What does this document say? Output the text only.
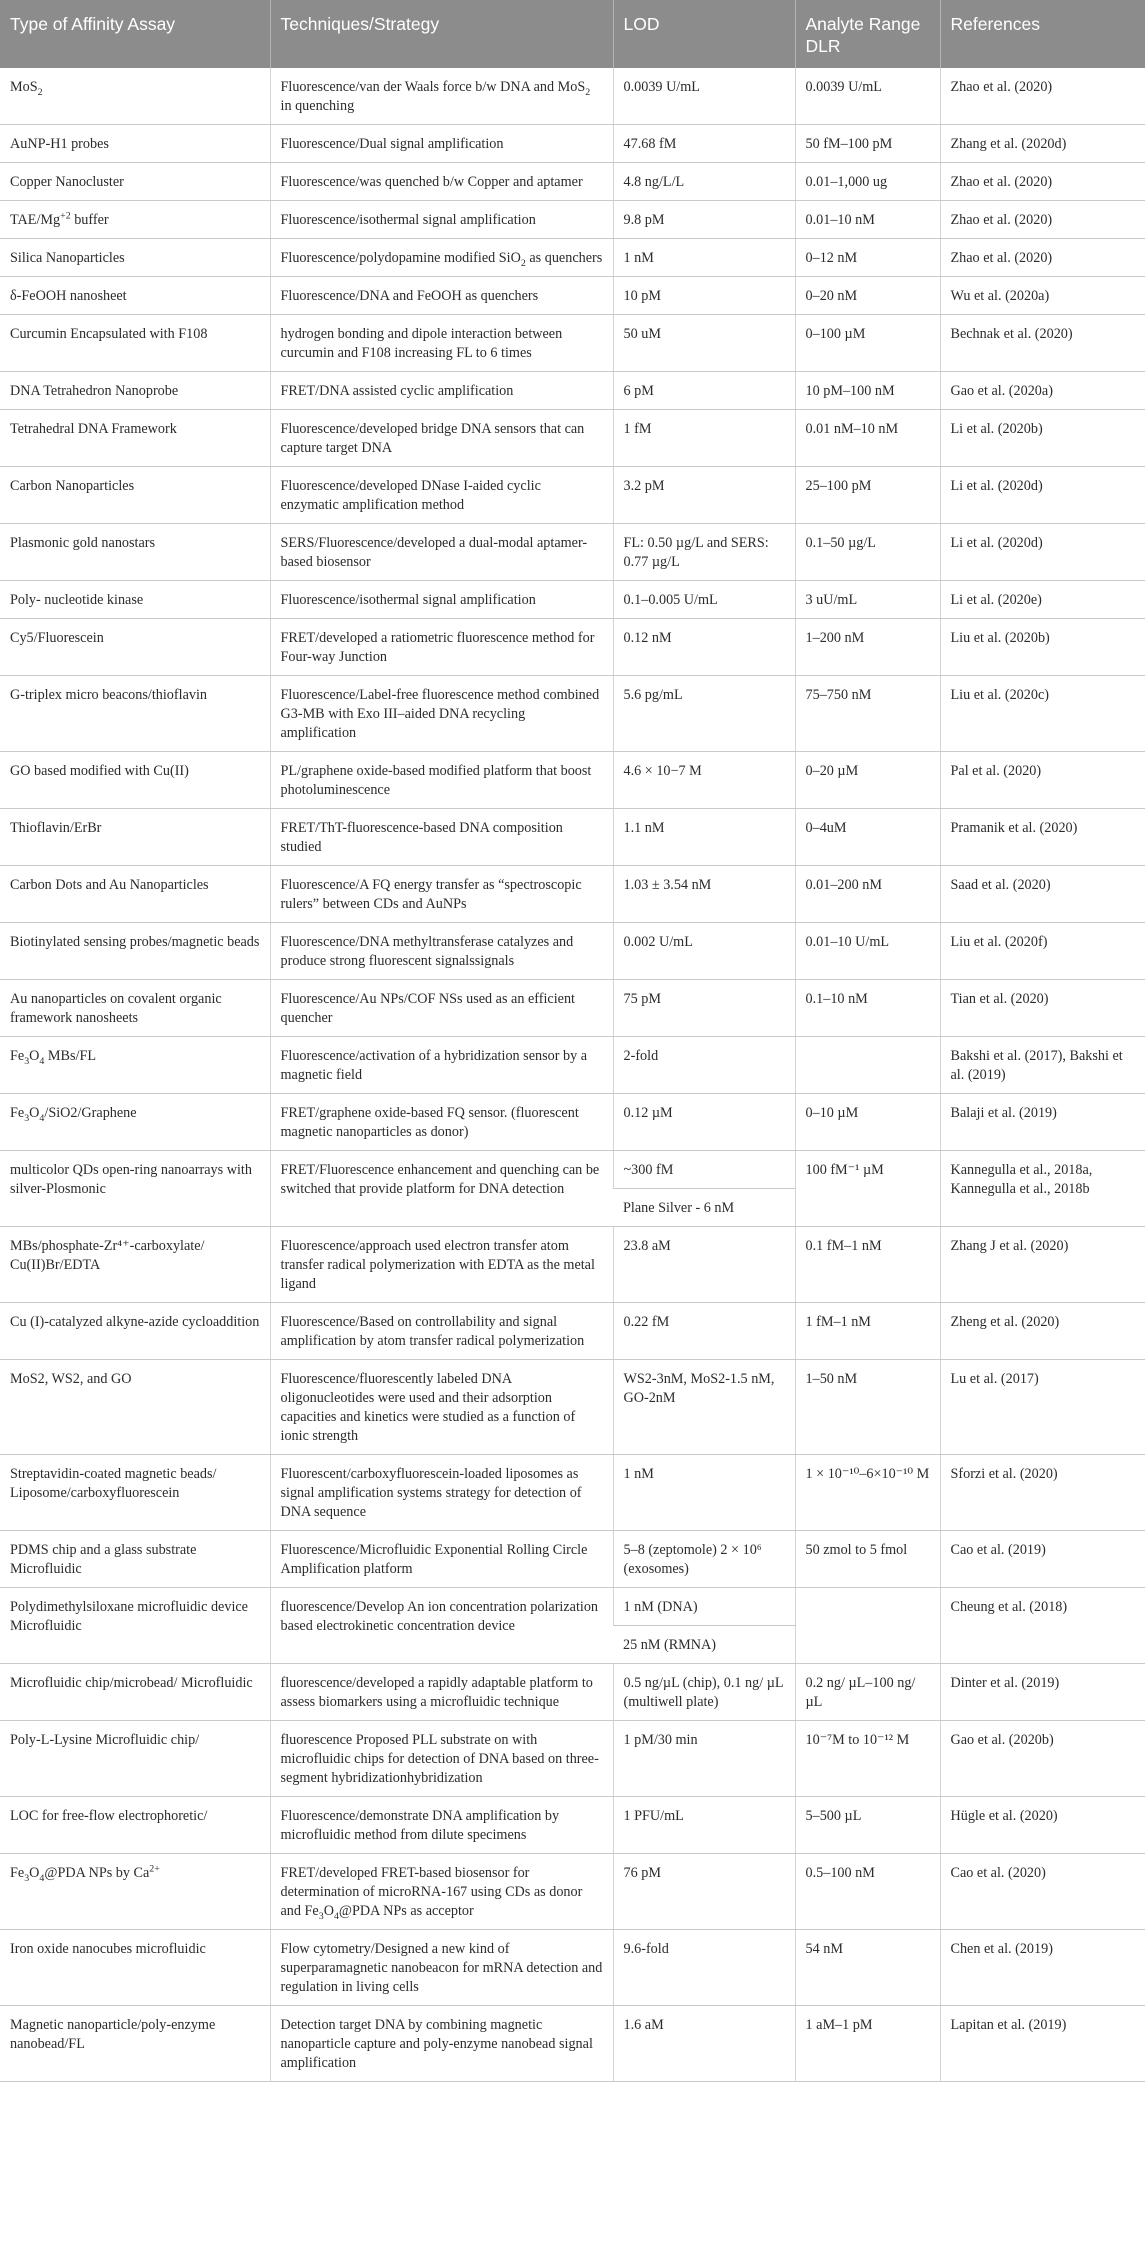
Type of Affinity Assay	Techniques/Strategy	LOD	Analyte Range DLR	References
MoS$_2$	Fluorescence/van der Waals force b/w DNA and MoS$_2$ in quenching	0.0039 U/mL	0.0039 U/mL	Zhao et al. (2020)
AuNP-H1 probes	Fluorescence/Dual signal amplification	47.68 fM	50 fM–100 pM	Zhang et al. (2020d)
Copper Nanocluster	Fluorescence/was quenched b/w Copper and aptamer	4.8 ng/L/L	0.01–1,000 ug	Zhao et al. (2020)
TAE/$Mg^{+2}$ buffer	Fluorescence/isothermal signal amplification	9.8 pM	0.01–10 nM	Zhao et al. (2020)
Silica Nanoparticles	Fluorescence/polydopamine modified SiO$_2$ as quenchers	1 nM	0–12 nM	Zhao et al. (2020)
δ-FeOOH nanosheet	Fluorescence/DNA and FeOOH as quenchers	10 pM	0–20 nM	Wu et al. (2020a)
Curcumin Encapsulated with F108	hydrogen bonding and dipole interaction between curcumin and F108 increasing FL to 6 times	50 uM	0–100 µM	Bechnak et al. (2020)
DNA Tetrahedron Nanoprobe	FRET/DNA assisted cyclic amplification	6 pM	10 pM–100 nM	Gao et al. (2020a)
Tetrahedral DNA Framework	Fluorescence/developed bridge DNA sensors that can capture target DNA	1 fM	0.01 nM–10 nM	Li et al. (2020b)
Carbon Nanoparticles	Fluorescence/developed DNase I-aided cyclic enzymatic amplification method	3.2 pM	25–100 pM	Li et al. (2020d)
Plasmonic gold nanostars	SERS/Fluorescence/developed a dual-modal aptamer-based biosensor	FL: 0.50 µg/L and SERS: 0.77 µg/L	0.1–50 µg/L	Li et al. (2020d)
Poly- nucleotide kinase	Fluorescence/isothermal signal amplification	0.1–0.005 U/mL	3 uU/mL	Li et al. (2020e)
Cy5/Fluorescein	FRET/developed a ratiometric fluorescence method for Four-way Junction	0.12 nM	1–200 nM	Liu et al. (2020b)
G-triplex micro beacons/thioflavin	Fluorescence/Label-free fluorescence method combined G3-MB with Exo III–aided DNA recycling amplification	5.6 pg/mL	75–750 nM	Liu et al. (2020c)
GO based modified with Cu(II)	PL/graphene oxide-based modified platform that boost photoluminescence	4.6 × 10−7 M	0–20 µM	Pal et al. (2020)
Thioflavin/ErBr	FRET/ThT-fluorescence-based DNA composition studied	1.1 nM	0–4uM	Pramanik et al. (2020)
Carbon Dots and Au Nanoparticles	Fluorescence/A FQ energy transfer as “spectroscopic rulers” between CDs and AuNPs	1.03 ± 3.54 nM	0.01–200 nM	Saad et al. (2020)
Biotinylated sensing probes/magnetic beads	Fluorescence/DNA methyltransferase catalyzes and produce strong fluorescent signalssignals	0.002 U/mL	0.01–10 U/mL	Liu et al. (2020f)
Au nanoparticles on covalent organic framework nanosheets	Fluorescence/Au NPs/COF NSs used as an efficient quencher	75 pM	0.1–10 nM	Tian et al. (2020)
$Fe_3O_4$ MBs/FL	Fluorescence/activation of a hybridization sensor by a magnetic field	2-fold		Bakshi et al. (2017), Bakshi et al. (2019)
$Fe_3O_4/SiO2$/Graphene	FRET/graphene oxide-based FQ sensor. (fluorescent magnetic nanoparticles as donor)	0.12 µM	0–10 µM	Balaji et al. (2019)
multicolor QDs open-ring nanoarrays with silver-Plosmonic	FRET/Fluorescence enhancement and quenching can be switched that provide platform for DNA detection	~300 fM	100 fM⁻¹ µM	Kannegulla et al., 2018a, Kannegulla et al., 2018b
		Plane Silver - 6 nM		
MBs/phosphate-Zr⁴⁺-carboxylate/ Cu(II)Br/EDTA	Fluorescence/approach used electron transfer atom transfer radical polymerization with EDTA as the metal ligand	23.8 aM	0.1 fM–1 nM	Zhang J et al. (2020)
Cu (I)-catalyzed alkyne-azide cycloaddition	Fluorescence/Based on controllability and signal amplification by atom transfer radical polymerization	0.22 fM	1 fM–1 nM	Zheng et al. (2020)
MoS2, WS2, and GO	Fluorescence/fluorescently labeled DNA oligonucleotides were used and their adsorption capacities and kinetics were studied as a function of ionic strength	WS2-3nM, MoS2-1.5 nM, GO-2nM	1–50 nM	Lu et al. (2017)
Streptavidin-coated magnetic beads/ Liposome/carboxyfluorescein	Fluorescent/carboxyfluorescein-loaded liposomes as signal amplification systems strategy for detection of DNA sequence	1 nM	1 × 10⁻¹⁰–6×10⁻¹⁰ M	Sforzi et al. (2020)
PDMS chip and a glass substrate Microfluidic	Fluorescence/Microfluidic Exponential Rolling Circle Amplification platform	5–8 (zeptomole) 2 × 10⁶ (exosomes)	50 zmol to 5 fmol	Cao et al. (2019)
Polydimethylsiloxane microfluidic device Microfluidic	fluorescence/Develop An ion concentration polarization based electrokinetic concentration device	1 nM (DNA)		Cheung et al. (2018)
		25 nM (RMNA)		
Microfluidic chip/microbead/ Microfluidic	fluorescence/developed a rapidly adaptable platform to assess biomarkers using a microfluidic technique	0.5 ng/µL (chip), 0.1 ng/ µL (multiwell plate)	0.2 ng/ µL–100 ng/µL	Dinter et al. (2019)
Poly-L-Lysine Microfluidic chip/	fluorescence Proposed PLL substrate on with microfluidic chips for detection of DNA based on three-segment hybridizationhybridization	1 pM/30 min	10⁻⁷M to 10⁻¹² M	Gao et al. (2020b)
LOC for free-flow electrophoretic/	Fluorescence/demonstrate DNA amplification by microfluidic method from dilute specimens	1 PFU/mL	5–500 µL	Hügle et al. (2020)
$Fe_3O_4@PDA$ NPs by $Ca^{2+}$	FRET/developed FRET-based biosensor for determination of microRNA-167 using CDs as donor and $Fe_3O_4@PDA$ NPs as acceptor	76 pM	0.5–100 nM	Cao et al. (2020)
Iron oxide nanocubes microfluidic	Flow cytometry/Designed a new kind of superparamagnetic nanobeacon for mRNA detection and regulation in living cells	9.6-fold	54 nM	Chen et al. (2019)
Magnetic nanoparticle/poly-enzyme nanobead/FL	Detection target DNA by combining magnetic nanoparticle capture and poly-enzyme nanobead signal amplification	1.6 aM	1 aM–1 pM	Lapitan et al. (2019)
